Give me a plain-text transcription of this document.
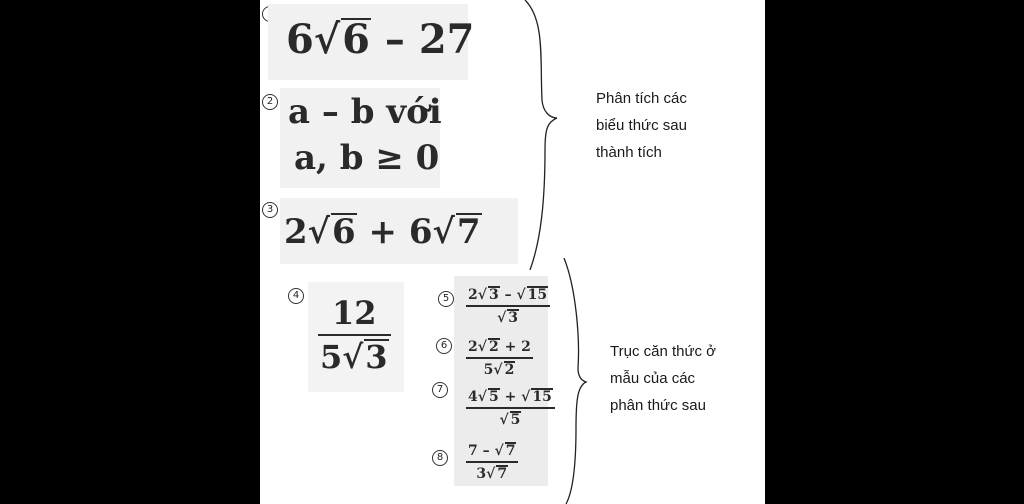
6√6 – 27
2 a – b với
a, b ≥ 0
3
2√6 + 6√7
4 12
5√3
5	2√ 3 – √ 15
√ 3
6	2√ 2 + 2
5√ 2
7	4√ 5 + √ 15
√ 5
8	7 – √ 7
3√ 7
Phân tích các
biểu thức sau
thành tích
Trục căn thức ở
mẫu của các
phân thức sau
